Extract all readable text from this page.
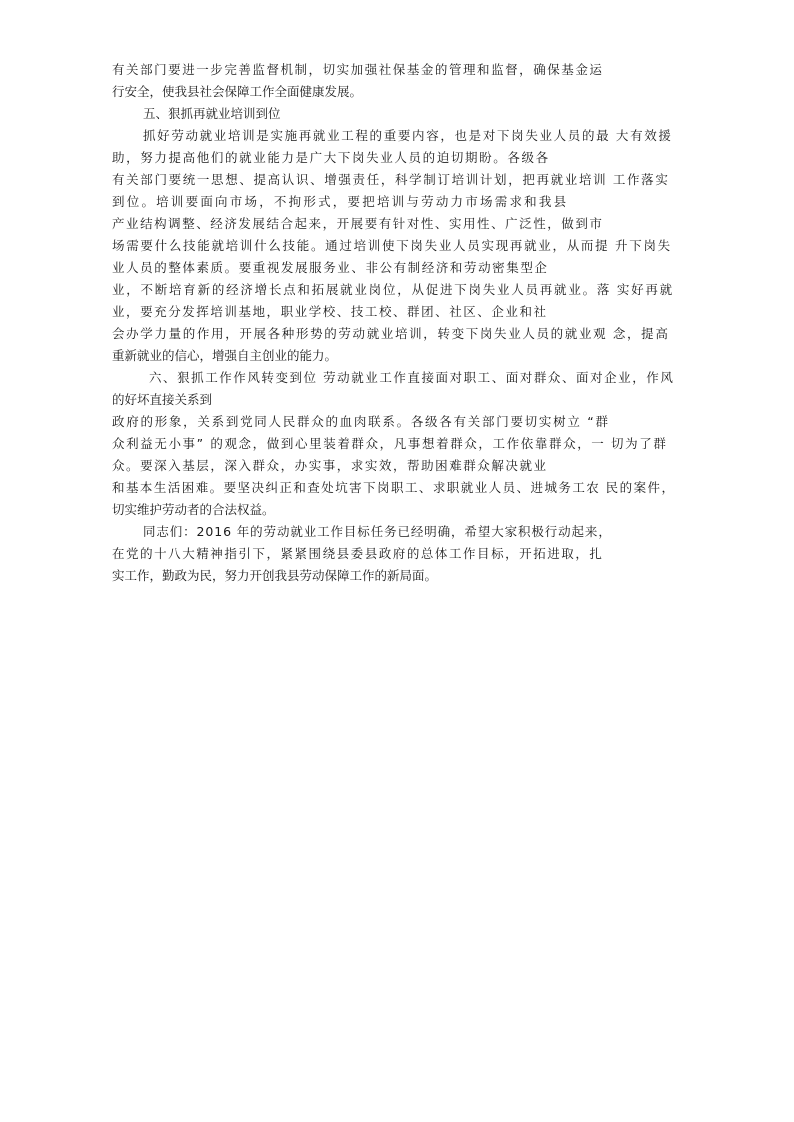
有关部门要进一步完善监督机制，切实加强社保基金的管理和监督，确保基金运

行安全，使我县社会保障工作全面健康发展。

五、狠抓再就业培训到位

抓好劳动就业培训是实施再就业工程的重要内容，也是对下岗失业人员的最 大有效援

助，努力提高他们的就业能力是广大下岗失业人员的迫切期盼。各级各

有关部门要统一思想、提高认识、增强责任，科学制订培训计划，把再就业培训 工作落实

到位。培训要面向市场，不拘形式，要把培训与劳动力市场需求和我县

产业结构调整、经济发展结合起来，开展要有针对性、实用性、广泛性，做到市

场需要什么技能就培训什么技能。通过培训使下岗失业人员实现再就业，从而提 升下岗失

业人员的整体素质。要重视发展服务业、非公有制经济和劳动密集型企

业，不断培育新的经济增长点和拓展就业岗位，从促进下岗失业人员再就业。落 实好再就

业，要充分发挥培训基地，职业学校、技工校、群团、社区、企业和社

会办学力量的作用，开展各种形势的劳动就业培训，转变下岗失业人员的就业观 念，提高

重新就业的信心，增强自主创业的能力。

六、狠抓工作作风转变到位 劳动就业工作直接面对职工、面对群众、面对企业，作风

的好坏直接关系到

政府的形象，关系到党同人民群众的血肉联系。各级各有关部门要切实树立 “群

众利益无小事” 的观念，做到心里装着群众，凡事想着群众，工作依靠群众，一 切为了群

众。要深入基层，深入群众，办实事，求实效，帮助困难群众解决就业

和基本生活困难。要坚决纠正和查处坑害下岗职工、求职就业人员、进城务工农 民的案件，

切实维护劳动者的合法权益。

同志们：2016 年的劳动就业工作目标任务已经明确，希望大家积极行动起来，

在党的十八大精神指引下，紧紧围绕县委县政府的总体工作目标，开拓进取，扎

实工作，勤政为民，努力开创我县劳动保障工作的新局面。
